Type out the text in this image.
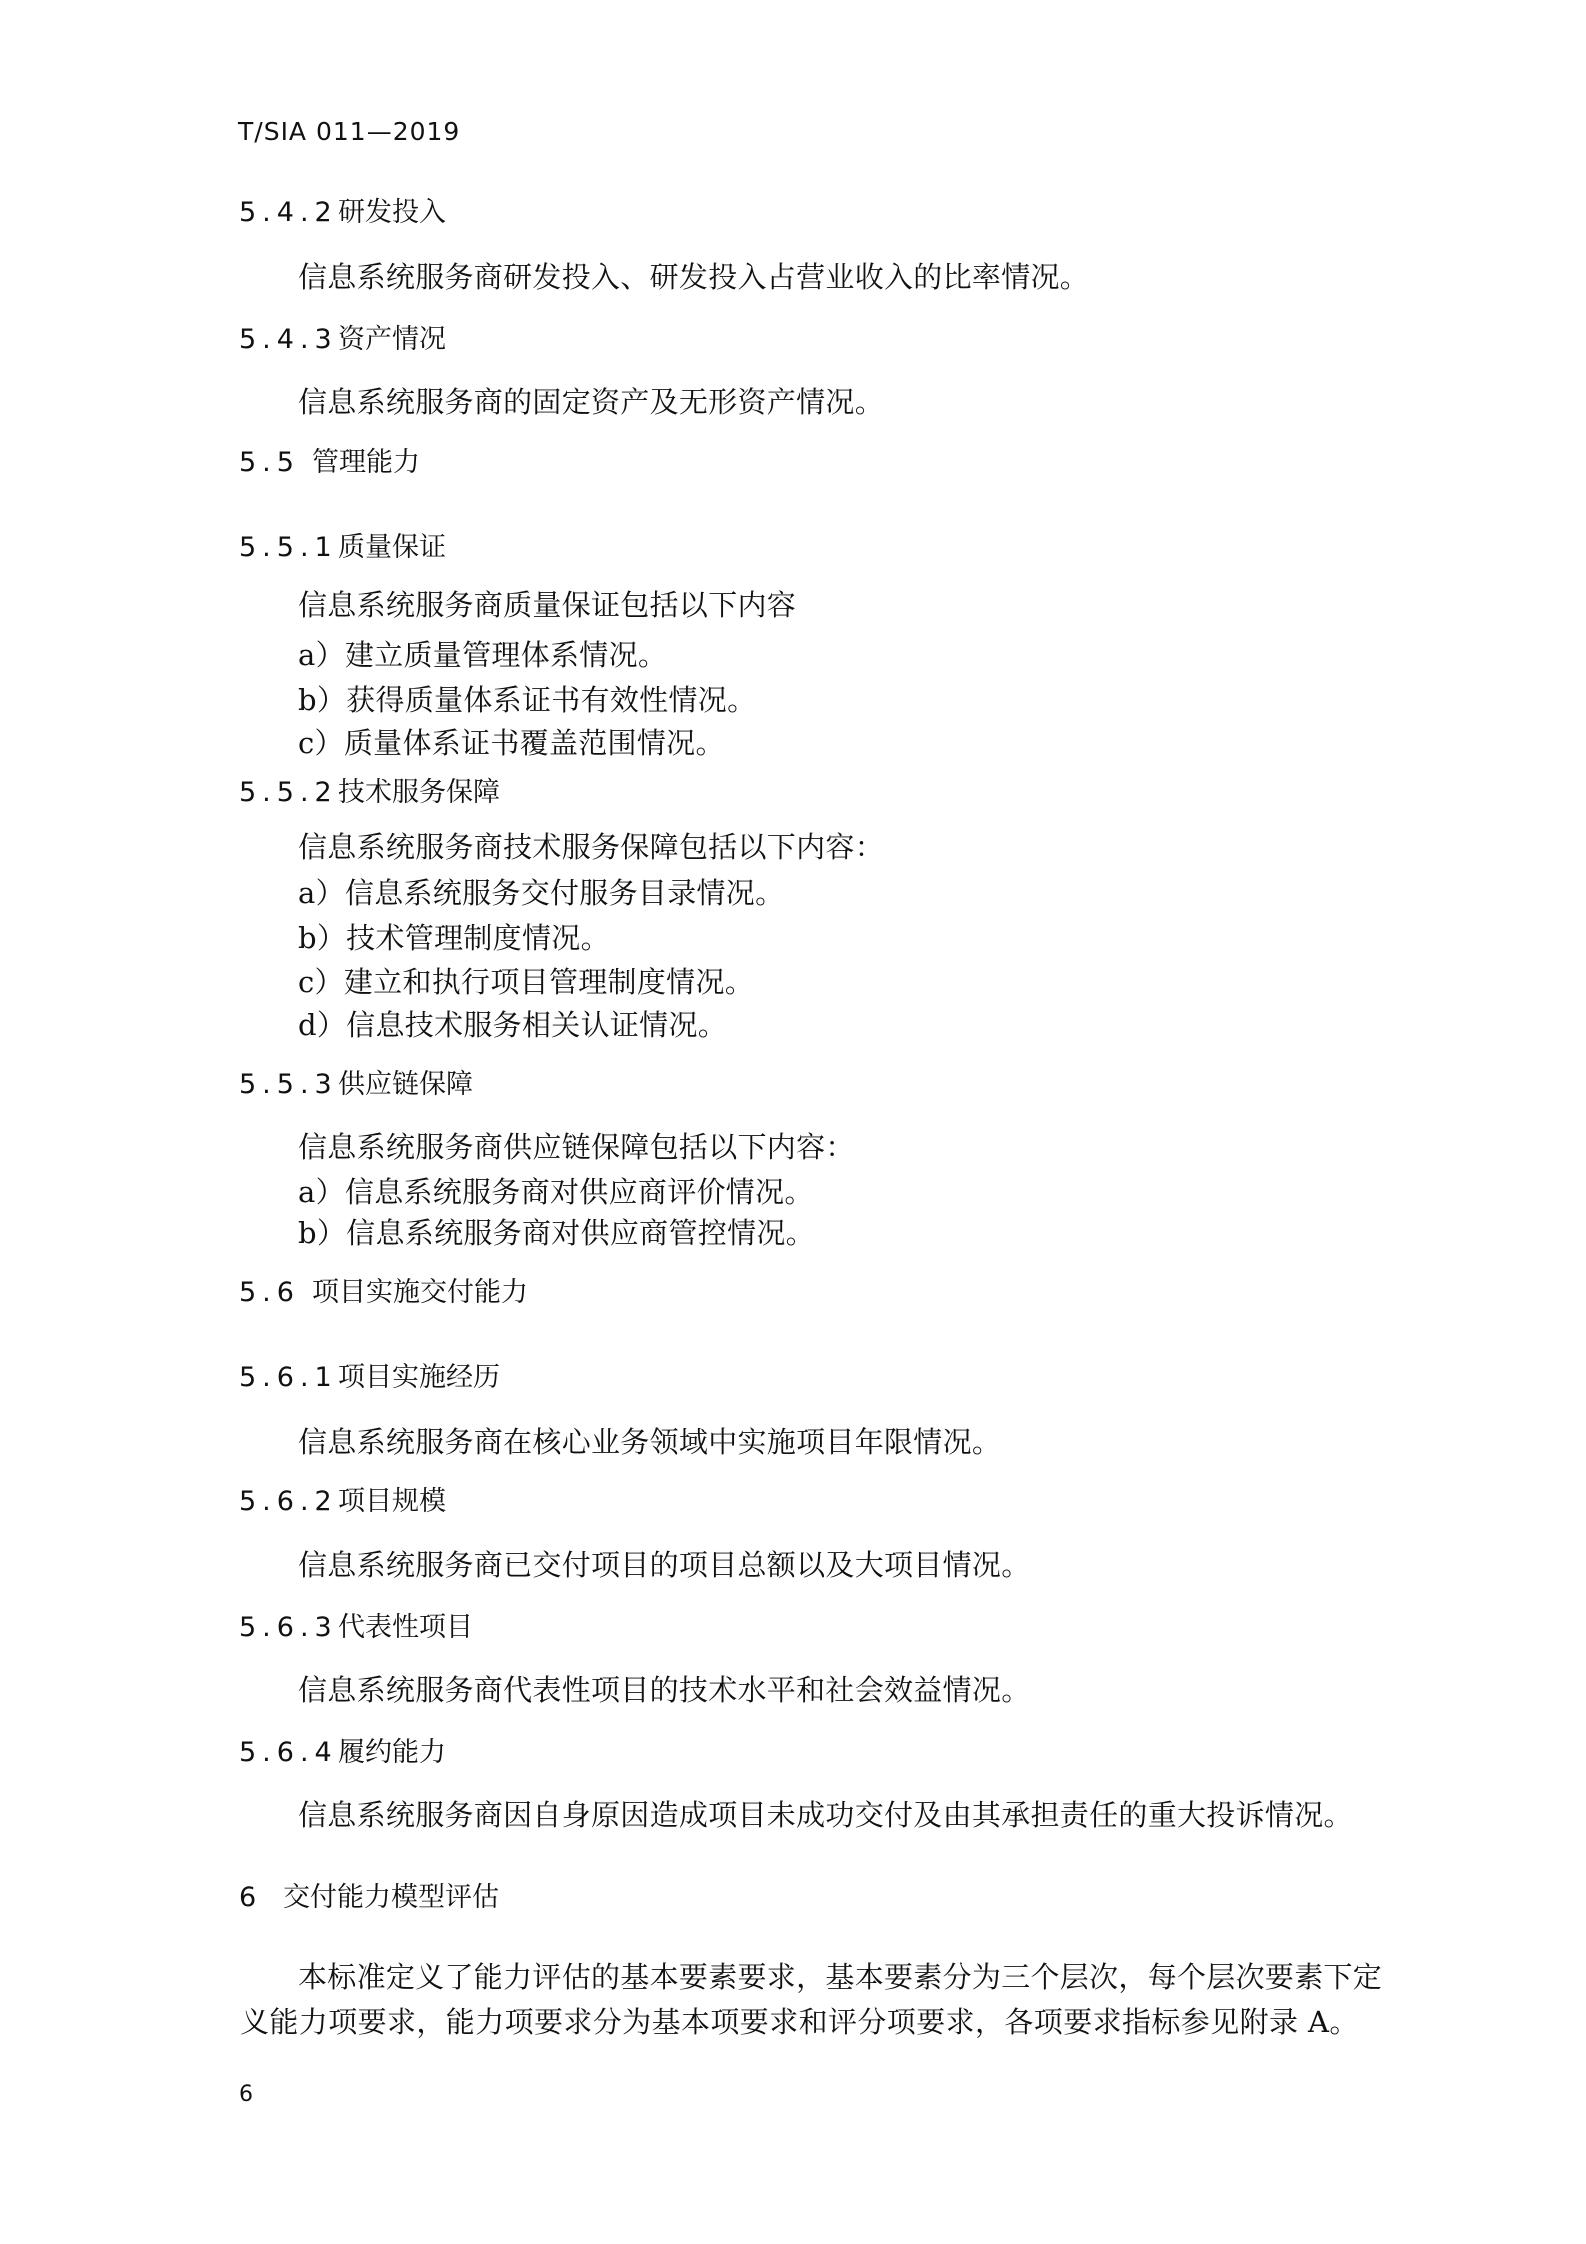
T/SIA 011—2019
5.4.2研发投入
信息系统服务商研发投入、研发投入占营业收入的比率情况。
5.4.3资产情况
信息系统服务商的固定资产及无形资产情况。
5.5 管理能力
5.5.1质量保证
信息系统服务商质量保证包括以下内容
a）建立质量管理体系情况。
b）获得质量体系证书有效性情况。
c）质量体系证书覆盖范围情况。
5.5.2技术服务保障
信息系统服务商技术服务保障包括以下内容：
a）信息系统服务交付服务目录情况。
b）技术管理制度情况。
c）建立和执行项目管理制度情况。
d）信息技术服务相关认证情况。
5.5.3供应链保障
信息系统服务商供应链保障包括以下内容：
a）信息系统服务商对供应商评价情况。
b）信息系统服务商对供应商管控情况。
5.6 项目实施交付能力
5.6.1项目实施经历
信息系统服务商在核心业务领域中实施项目年限情况。
5.6.2项目规模
信息系统服务商已交付项目的项目总额以及大项目情况。
5.6.3代表性项目
信息系统服务商代表性项目的技术水平和社会效益情况。
5.6.4履约能力
信息系统服务商因自身原因造成项目未成功交付及由其承担责任的重大投诉情况。
6 交付能力模型评估
本标准定义了能力评估的基本要素要求，基本要素分为三个层次，每个层次要素下定
义能力项要求，能力项要求分为基本项要求和评分项要求，各项要求指标参见附录 A。
6
